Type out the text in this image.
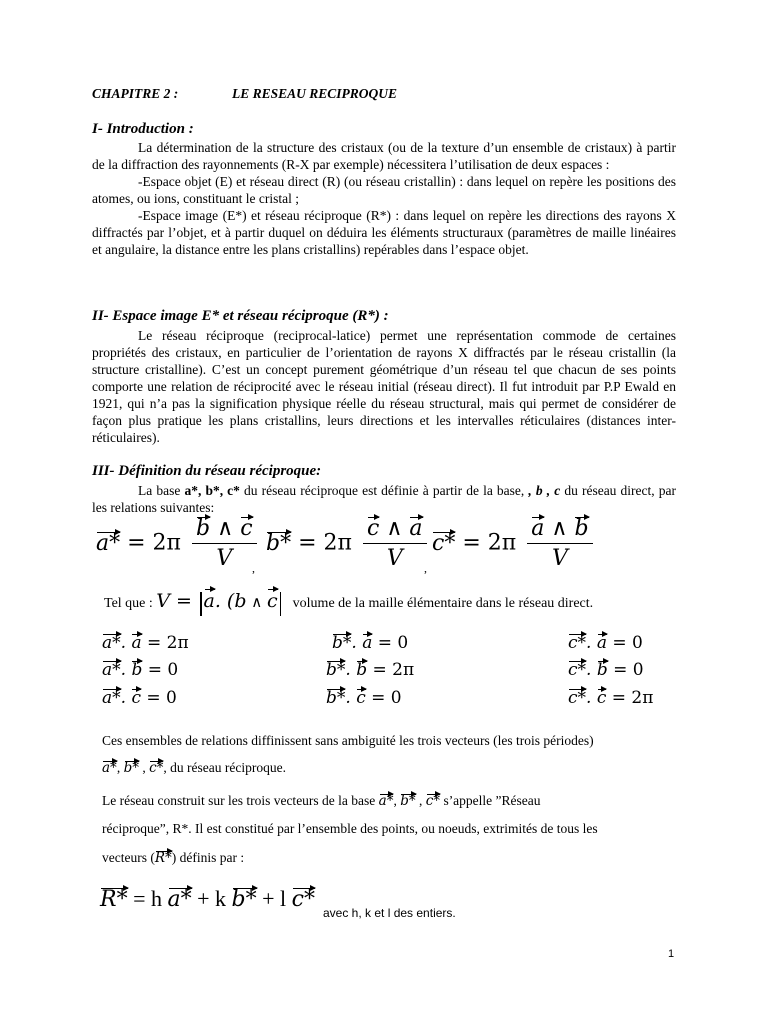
CHAPITRE 2 :	LE RESEAU RECIPROQUE
I- Introduction :

La détermination de la structure des cristaux (ou de la texture d’un ensemble de cristaux) à partir de la diffraction des rayonnements (R-X par exemple) nécessitera l’utilisation de deux espaces :

-Espace objet (E) et réseau direct (R) (ou réseau cristallin) : dans lequel on repère les positions des atomes, ou ions, constituant le cristal ;

-Espace image (E*) et réseau réciproque (R*) : dans lequel on repère les directions des rayons X diffractés par l’objet, et à partir duquel on déduira les éléments structuraux (paramètres de maille linéaires et angulaire, la distance entre les plans cristallins) repérables dans l’espace objet.

II- Espace image E* et réseau réciproque (R*) :

Le réseau réciproque (reciprocal-latice) permet une représentation commode de certaines propriétés des cristaux, en particulier de l’orientation de rayons X diffractés par le réseau cristallin (la structure cristalline). C’est un concept purement géométrique d’un réseau tel que chacun de ses points comporte une relation de réciprocité avec le réseau initial (réseau direct). Il fut introduit par P.P Ewald en 1921, qui n’a pas la signification physique réelle du réseau structural, mais qui permet de considérer de façon plus pratique les plans cristallins, leurs directions et les intervalles réticulaires (distances inter-réticulaires).

III- Définition du réseau réciproque:

La base a*, b*, c* du réseau réciproque est définie à partir de la base, , b , c du réseau direct, par les relations suivantes:

$a* = 2\pi \frac{b \wedge c}{V}$
,
$b* = 2\pi \frac{c \wedge a}{V}$
,
$c* = 2\pi \frac{a \wedge b}{V}$
Tel que : V = a. (b ∧ c volume de la maille élémentaire dans le réseau direct.
a*. a = 2π	b*. a = 0	c*. a = 0
a*. b = 0	b*. b = 2π	c*. b = 0
a*. c = 0	b*. c = 0	c*. c = 2π
Ces ensembles de relations diffinissent sans ambiguité les trois vecteurs (les trois périodes)
a*, b* , c*, du réseau réciproque.
Le réseau construit sur les trois vecteurs de la base a*, b* , c* s’appelle ”Réseau
réciproque”, R*. Il est constitué par l’ensemble des points, ou noeuds, extrimités de tous les
vecteurs (R*) définis par :
R* = h a* + k b* + l c*
avec h, k et l des entiers.
1
